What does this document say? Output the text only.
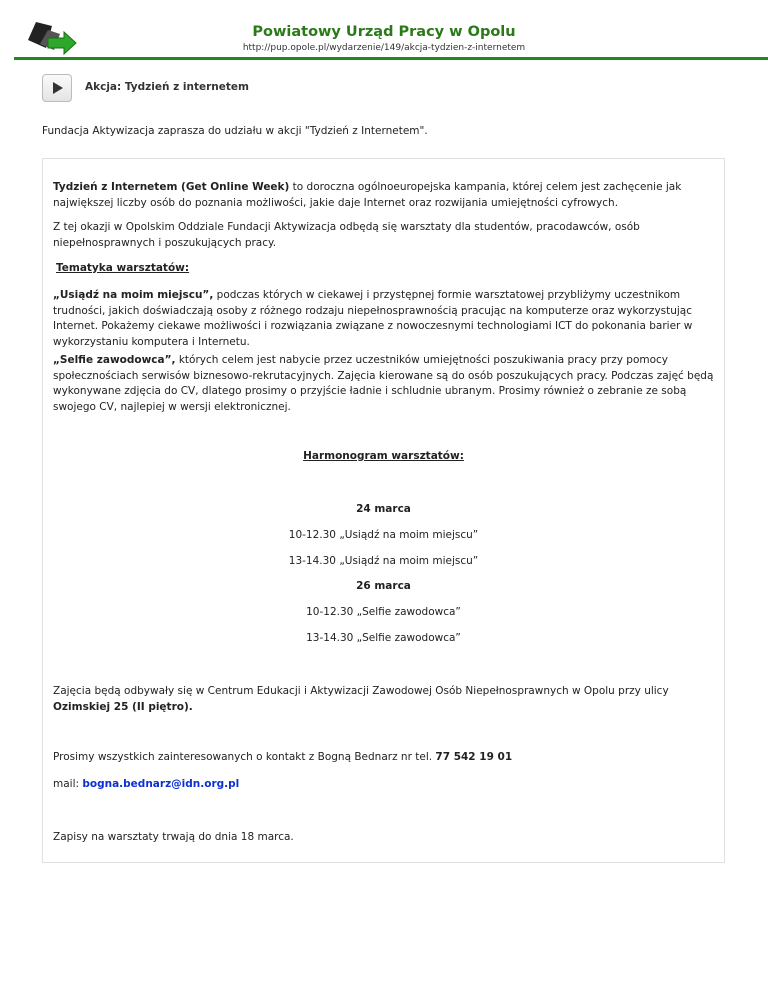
Powiatowy Urząd Pracy w Opolu
http://pup.opole.pl/wydarzenie/149/akcja-tydzien-z-internetem
Akcja: Tydzień z internetem
Fundacja Aktywizacja zaprasza do udziału w akcji "Tydzień z Internetem".
Tydzień z Internetem (Get Online Week) to doroczna ogólnoeuropejska kampania, której celem jest zachęcenie jak
największej liczby osób do poznania możliwości, jakie daje Internet oraz rozwijania umiejętności cyfrowych.
Z tej okazji w Opolskim Oddziale Fundacji Aktywizacja odbędą się warsztaty dla studentów, pracodawców, osób
niepełnosprawnych i poszukujących pracy.
Tematyka warsztatów:
„Usiądź na moim miejscu”, podczas których w ciekawej i przystępnej formie warsztatowej przybliżymy uczestnikom
trudności, jakich doświadczają osoby z różnego rodzaju niepełnosprawnością pracując na komputerze oraz wykorzystując
Internet. Pokażemy ciekawe możliwości i rozwiązania związane z nowoczesnymi technologiami ICT do pokonania barier w
wykorzystaniu komputera i Internetu.
„Selfie zawodowca”, których celem jest nabycie przez uczestników umiejętności poszukiwania pracy przy pomocy
społecznościach serwisów biznesowo-rekrutacyjnych. Zajęcia kierowane są do osób poszukujących pracy. Podczas zajęć będą
wykonywane zdjęcia do CV, dlatego prosimy o przyjście ładnie i schludnie ubranym. Prosimy również o zebranie ze sobą
swojego CV, najlepiej w wersji elektronicznej.
Harmonogram warsztatów:
24 marca
10-12.30 „Usiądź na moim miejscu”
13-14.30 „Usiądź na moim miejscu”
26 marca
10-12.30 „Selfie zawodowca”
13-14.30 „Selfie zawodowca”
Zajęcia będą odbywały się w Centrum Edukacji i Aktywizacji Zawodowej Osób Niepełnosprawnych w Opolu przy ulicy
Ozimskiej 25 (II piętro).
Prosimy wszystkich zainteresowanych o kontakt z Bogną Bednarz nr tel. 77 542 19 01
mail: bogna.bednarz@idn.org.pl
Zapisy na warsztaty trwają do dnia 18 marca.
